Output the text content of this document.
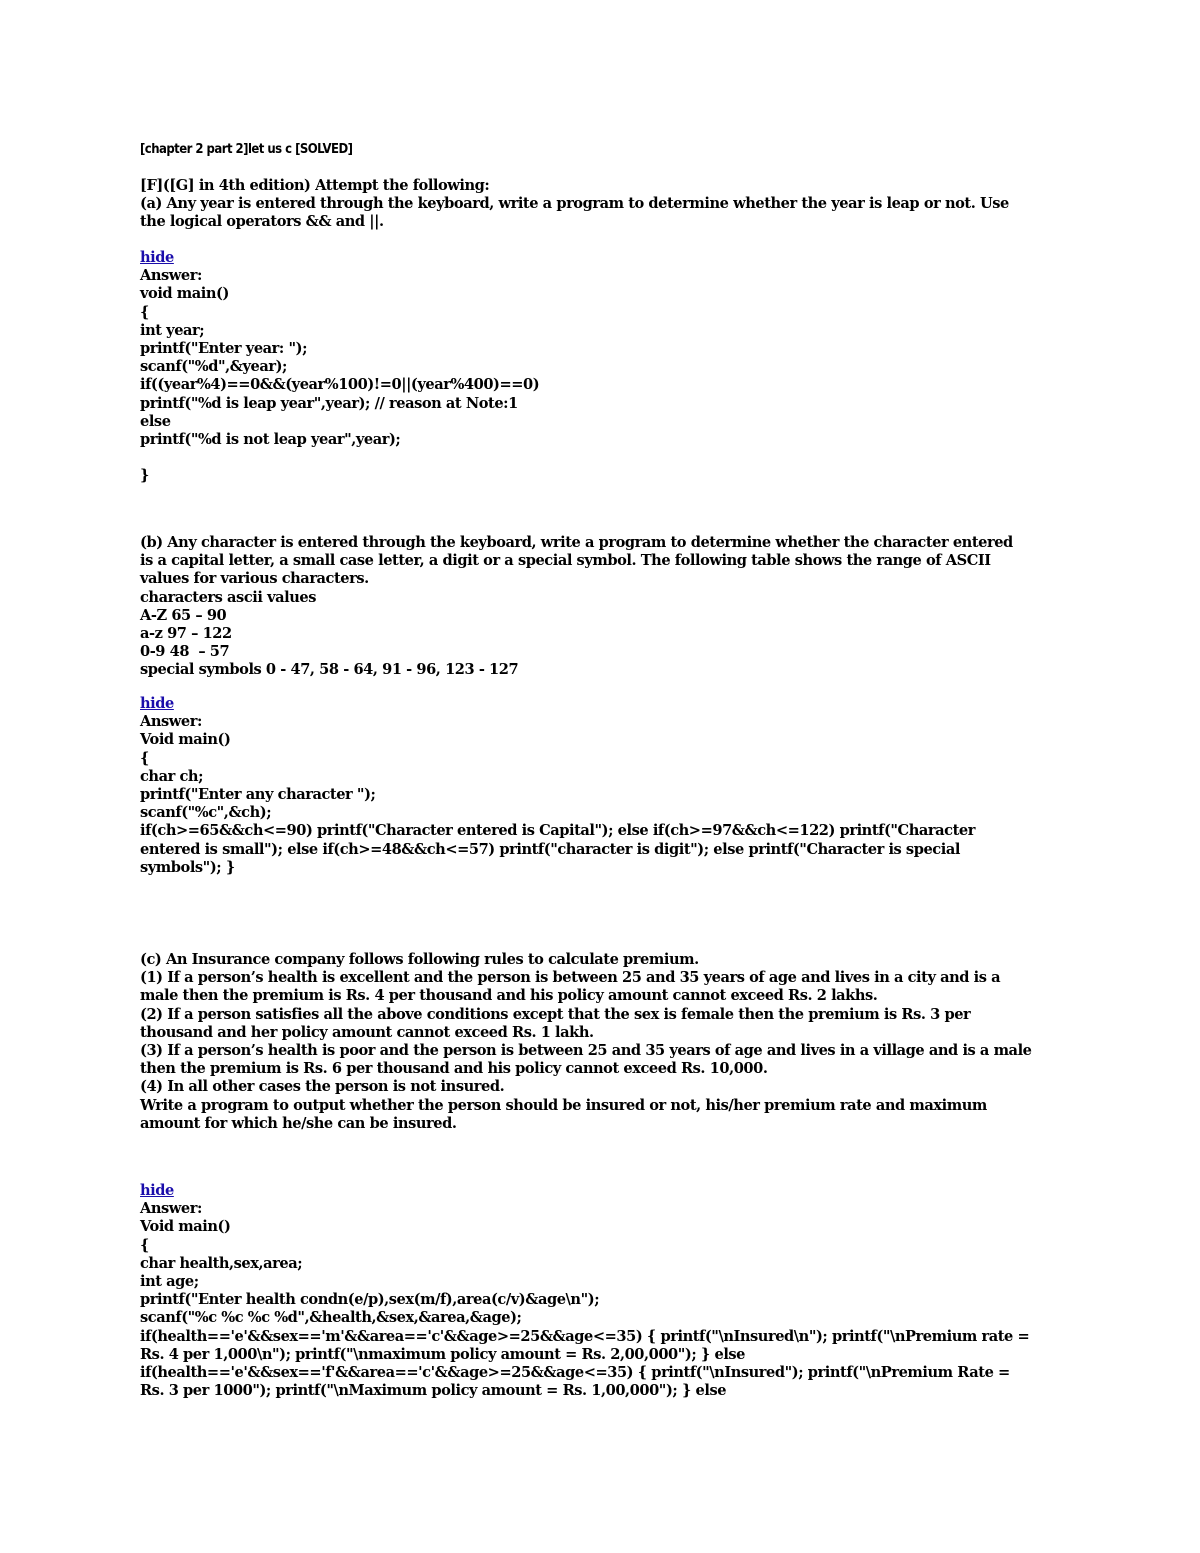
[chapter 2 part 2]let us c [SOLVED]
[F]([G] in 4th edition) Attempt the following:
(a) Any year is entered through the keyboard, write a program to determine whether the year is leap or not. Use
the logical operators && and ||.
hide
Answer:
void main()
{
int year;
printf("Enter year: ");
scanf("%d",&year);
if((year%4)==0&&(year%100)!=0||(year%400)==0)
printf("%d is leap year",year); // reason at Note:1
else
printf("%d is not leap year",year);

}
(b) Any character is entered through the keyboard, write a program to determine whether the character entered
is a capital letter, a small case letter, a digit or a special symbol. The following table shows the range of ASCII
values for various characters.
characters ascii values
A-Z 65 – 90
a-z 97 – 122
0-9 48  – 57
special symbols 0 - 47, 58 - 64, 91 - 96, 123 - 127
hide
Answer:
Void main()
{
char ch;
printf("Enter any character ");
scanf("%c",&ch);
if(ch>=65&&ch<=90) printf("Character entered is Capital"); else if(ch>=97&&ch<=122) printf("Character
entered is small"); else if(ch>=48&&ch<=57) printf("character is digit"); else printf("Character is special
symbols"); }
(c) An Insurance company follows following rules to calculate premium.
(1) If a person’s health is excellent and the person is between 25 and 35 years of age and lives in a city and is a
male then the premium is Rs. 4 per thousand and his policy amount cannot exceed Rs. 2 lakhs.
(2) If a person satisfies all the above conditions except that the sex is female then the premium is Rs. 3 per
thousand and her policy amount cannot exceed Rs. 1 lakh.
(3) If a person’s health is poor and the person is between 25 and 35 years of age and lives in a village and is a male
then the premium is Rs. 6 per thousand and his policy cannot exceed Rs. 10,000.
(4) In all other cases the person is not insured.
Write a program to output whether the person should be insured or not, his/her premium rate and maximum
amount for which he/she can be insured.
hide
Answer:
Void main()
{
char health,sex,area;
int age;
printf("Enter health condn(e/p),sex(m/f),area(c/v)&age\n");
scanf("%c %c %c %d",&health,&sex,&area,&age);
if(health=='e'&&sex=='m'&&area=='c'&&age>=25&&age<=35) { printf("\nInsured\n"); printf("\nPremium rate =
Rs. 4 per 1,000\n"); printf("\nmaximum policy amount = Rs. 2,00,000"); } else
if(health=='e'&&sex=='f'&&area=='c'&&age>=25&&age<=35) { printf("\nInsured"); printf("\nPremium Rate =
Rs. 3 per 1000"); printf("\nMaximum policy amount = Rs. 1,00,000"); } else
